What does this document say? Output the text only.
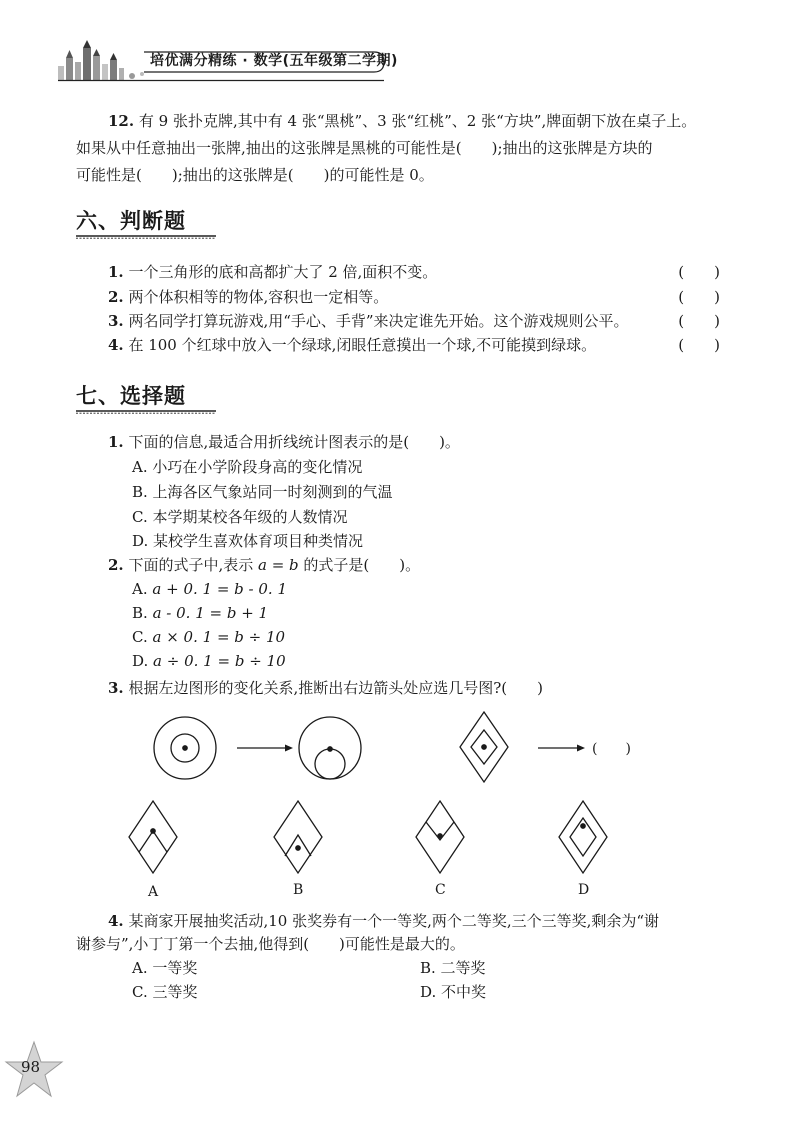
培优满分精练 · 数学(五年级第二学期)
12. 有 9 张扑克牌,其中有 4 张“黑桃”、3 张“红桃”、2 张“方块”,牌面朝下放在桌子上。
如果从中任意抽出一张牌,抽出的这张牌是黑桃的可能性是(　　);抽出的这张牌是方块的
可能性是(　　);抽出的这张牌是(　　)的可能性是 0。
六、判断题
1. 一个三角形的底和高都扩大了 2 倍,面积不变。	(　　)
2. 两个体积相等的物体,容积也一定相等。	(　　)
3. 两名同学打算玩游戏,用“手心、手背”来决定谁先开始。这个游戏规则公平。	(　　)
4. 在 100 个红球中放入一个绿球,闭眼任意摸出一个球,不可能摸到绿球。	(　　)
七、选择题
1. 下面的信息,最适合用折线统计图表示的是(　　)。
A. 小巧在小学阶段身高的变化情况
B. 上海各区气象站同一时刻测到的气温
C. 本学期某校各年级的人数情况
D. 某校学生喜欢体育项目种类情况
2. 下面的式子中,表示 a = b 的式子是(　　)。
A. a + 0. 1 = b - 0. 1
B. a - 0. 1 = b + 1
C. a × 0. 1 = b ÷ 10
D. a ÷ 0. 1 = b ÷ 10
3. 根据左边图形的变化关系,推断出右边箭头处应选几号图?(　　)
(　　)
A	B	C	D
4. 某商家开展抽奖活动,10 张奖券有一个一等奖,两个二等奖,三个三等奖,剩余为“谢
谢参与”,小丁丁第一个去抽,他得到(　　)可能性是最大的。
A. 一等奖	B. 二等奖
C. 三等奖	D. 不中奖
98
